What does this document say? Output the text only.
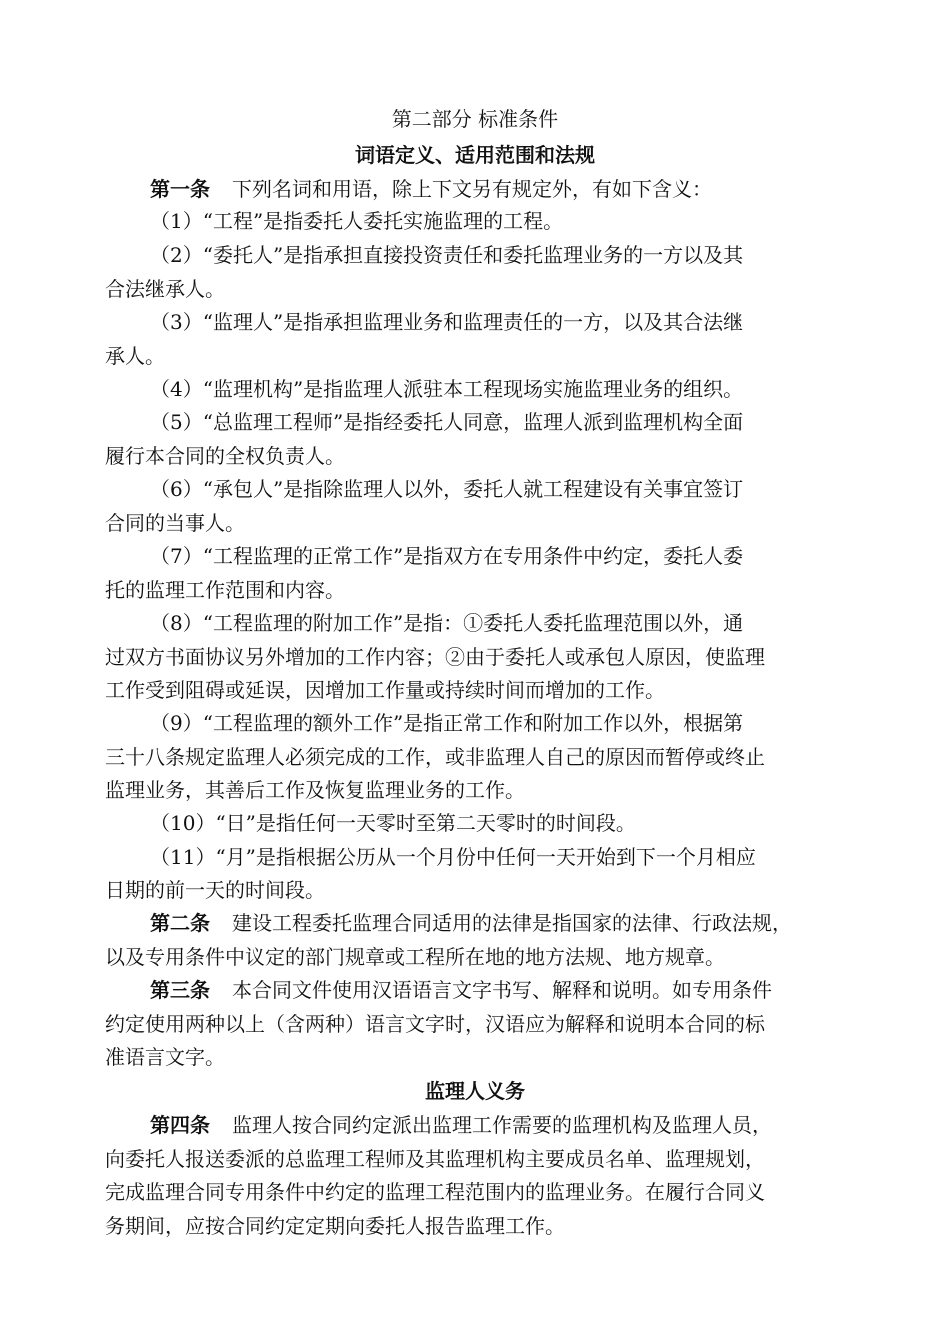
第二部分 标准条件
词语定义、适用范围和法规
第一条 下列名词和用语，除上下文另有规定外，有如下含义：
（1）“工程”是指委托人委托实施监理的工程。
（2）“委托人”是指承担直接投资责任和委托监理业务的一方以及其
合法继承人。
（3）“监理人”是指承担监理业务和监理责任的一方，以及其合法继
承人。
（4）“监理机构”是指监理人派驻本工程现场实施监理业务的组织。
（5）“总监理工程师”是指经委托人同意，监理人派到监理机构全面
履行本合同的全权负责人。
（6）“承包人”是指除监理人以外，委托人就工程建设有关事宜签订
合同的当事人。
（7）“工程监理的正常工作”是指双方在专用条件中约定，委托人委
托的监理工作范围和内容。
（8）“工程监理的附加工作”是指：①委托人委托监理范围以外，通
过双方书面协议另外增加的工作内容；②由于委托人或承包人原因，使监理
工作受到阻碍或延误，因增加工作量或持续时间而增加的工作。
（9）“工程监理的额外工作”是指正常工作和附加工作以外，根据第
三十八条规定监理人必须完成的工作，或非监理人自己的原因而暂停或终止
监理业务，其善后工作及恢复监理业务的工作。
（10）“日”是指任何一天零时至第二天零时的时间段。
（11）“月”是指根据公历从一个月份中任何一天开始到下一个月相应
日期的前一天的时间段。
第二条 建设工程委托监理合同适用的法律是指国家的法律、行政法规，
以及专用条件中议定的部门规章或工程所在地的地方法规、地方规章。
第三条 本合同文件使用汉语语言文字书写、解释和说明。如专用条件
约定使用两种以上（含两种）语言文字时，汉语应为解释和说明本合同的标
准语言文字。
监理人义务
第四条 监理人按合同约定派出监理工作需要的监理机构及监理人员，
向委托人报送委派的总监理工程师及其监理机构主要成员名单、监理规划，
完成监理合同专用条件中约定的监理工程范围内的监理业务。在履行合同义
务期间，应按合同约定定期向委托人报告监理工作。
